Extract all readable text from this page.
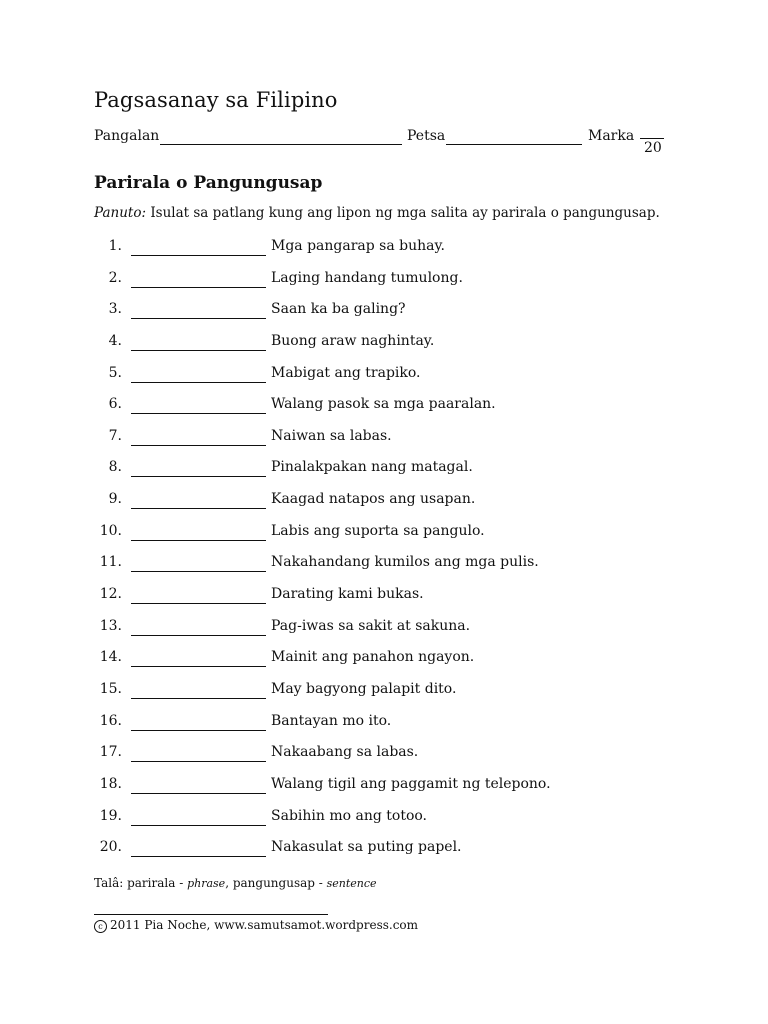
Pagsasanay sa Filipino
Pangalan	Petsa	Marka
20
Parirala o Pangungusap
Panuto: Isulat sa patlang kung ang lipon ng mga salita ay parirala o pangungusap.
1.	Mga pangarap sa buhay.
2.	Laging handang tumulong.
3.	Saan ka ba galing?
4.	Buong araw naghintay.
5.	Mabigat ang trapiko.
6.	Walang pasok sa mga paaralan.
7.	Naiwan sa labas.
8.	Pinalakpakan nang matagal.
9.	Kaagad natapos ang usapan.
10.	Labis ang suporta sa pangulo.
11.	Nakahandang kumilos ang mga pulis.
12.	Darating kami bukas.
13.	Pag-iwas sa sakit at sakuna.
14.	Mainit ang panahon ngayon.
15.	May bagyong palapit dito.
16.	Bantayan mo ito.
17.	Nakaabang sa labas.
18.	Walang tigil ang paggamit ng telepono.
19.	Sabihin mo ang totoo.
20.	Nakasulat sa puting papel.
Talâ: parirala - phrase, pangungusap - sentence
c 2011 Pia Noche, www.samutsamot.wordpress.com
